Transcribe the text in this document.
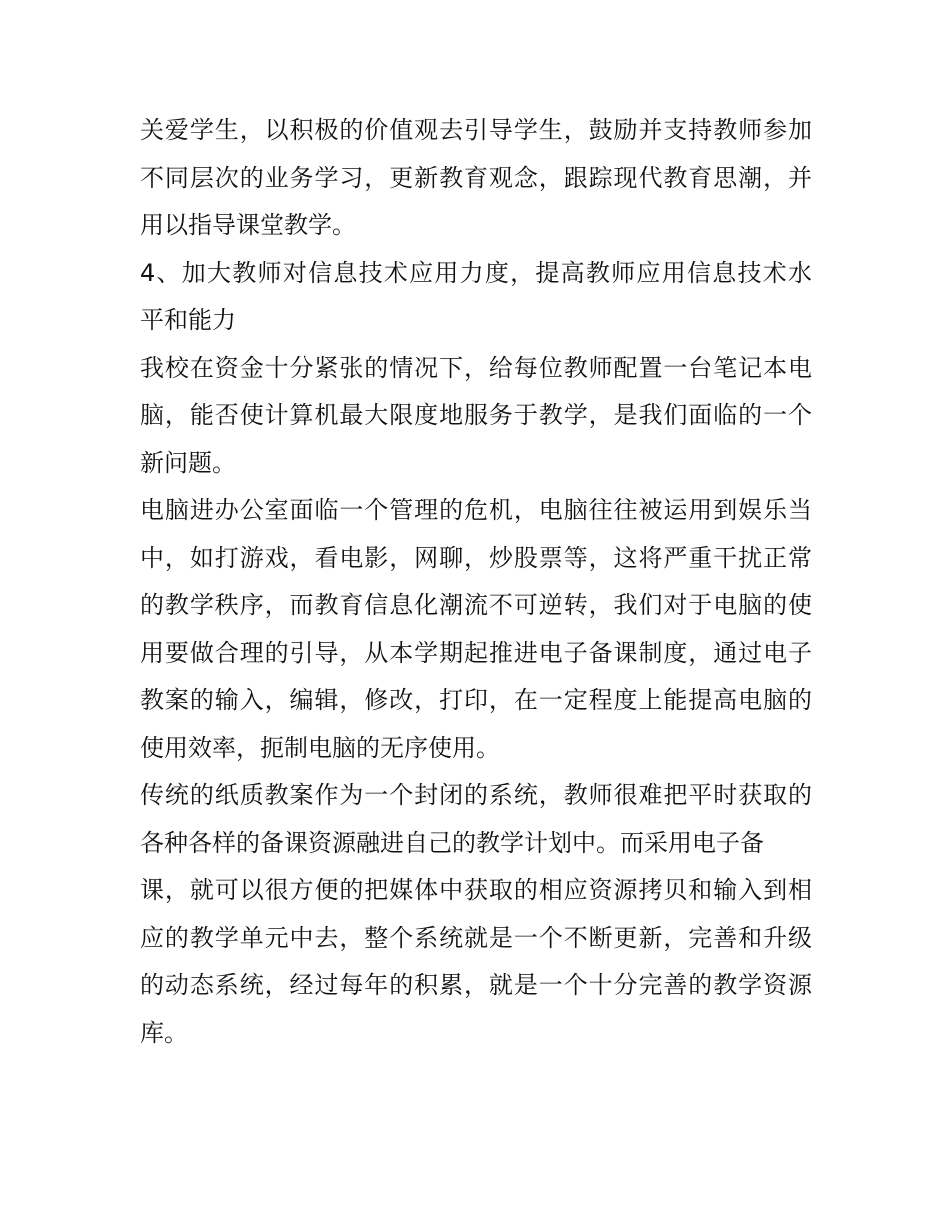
关爱学生，以积极的价值观去引导学生，鼓励并支持教师参加
不同层次的业务学习，更新教育观念，跟踪现代教育思潮，并
用以指导课堂教学。
4、加大教师对信息技术应用力度，提高教师应用信息技术水
平和能力
我校在资金十分紧张的情况下，给每位教师配置一台笔记本电
脑，能否使计算机最大限度地服务于教学，是我们面临的一个
新问题。
电脑进办公室面临一个管理的危机，电脑往往被运用到娱乐当
中，如打游戏，看电影，网聊，炒股票等，这将严重干扰正常
的教学秩序，而教育信息化潮流不可逆转，我们对于电脑的使
用要做合理的引导，从本学期起推进电子备课制度，通过电子
教案的输入，编辑，修改，打印，在一定程度上能提高电脑的
使用效率，扼制电脑的无序使用。
传统的纸质教案作为一个封闭的系统，教师很难把平时获取的
各种各样的备课资源融进自己的教学计划中。而采用电子备
课，就可以很方便的把媒体中获取的相应资源拷贝和输入到相
应的教学单元中去，整个系统就是一个不断更新，完善和升级
的动态系统，经过每年的积累，就是一个十分完善的教学资源
库。
